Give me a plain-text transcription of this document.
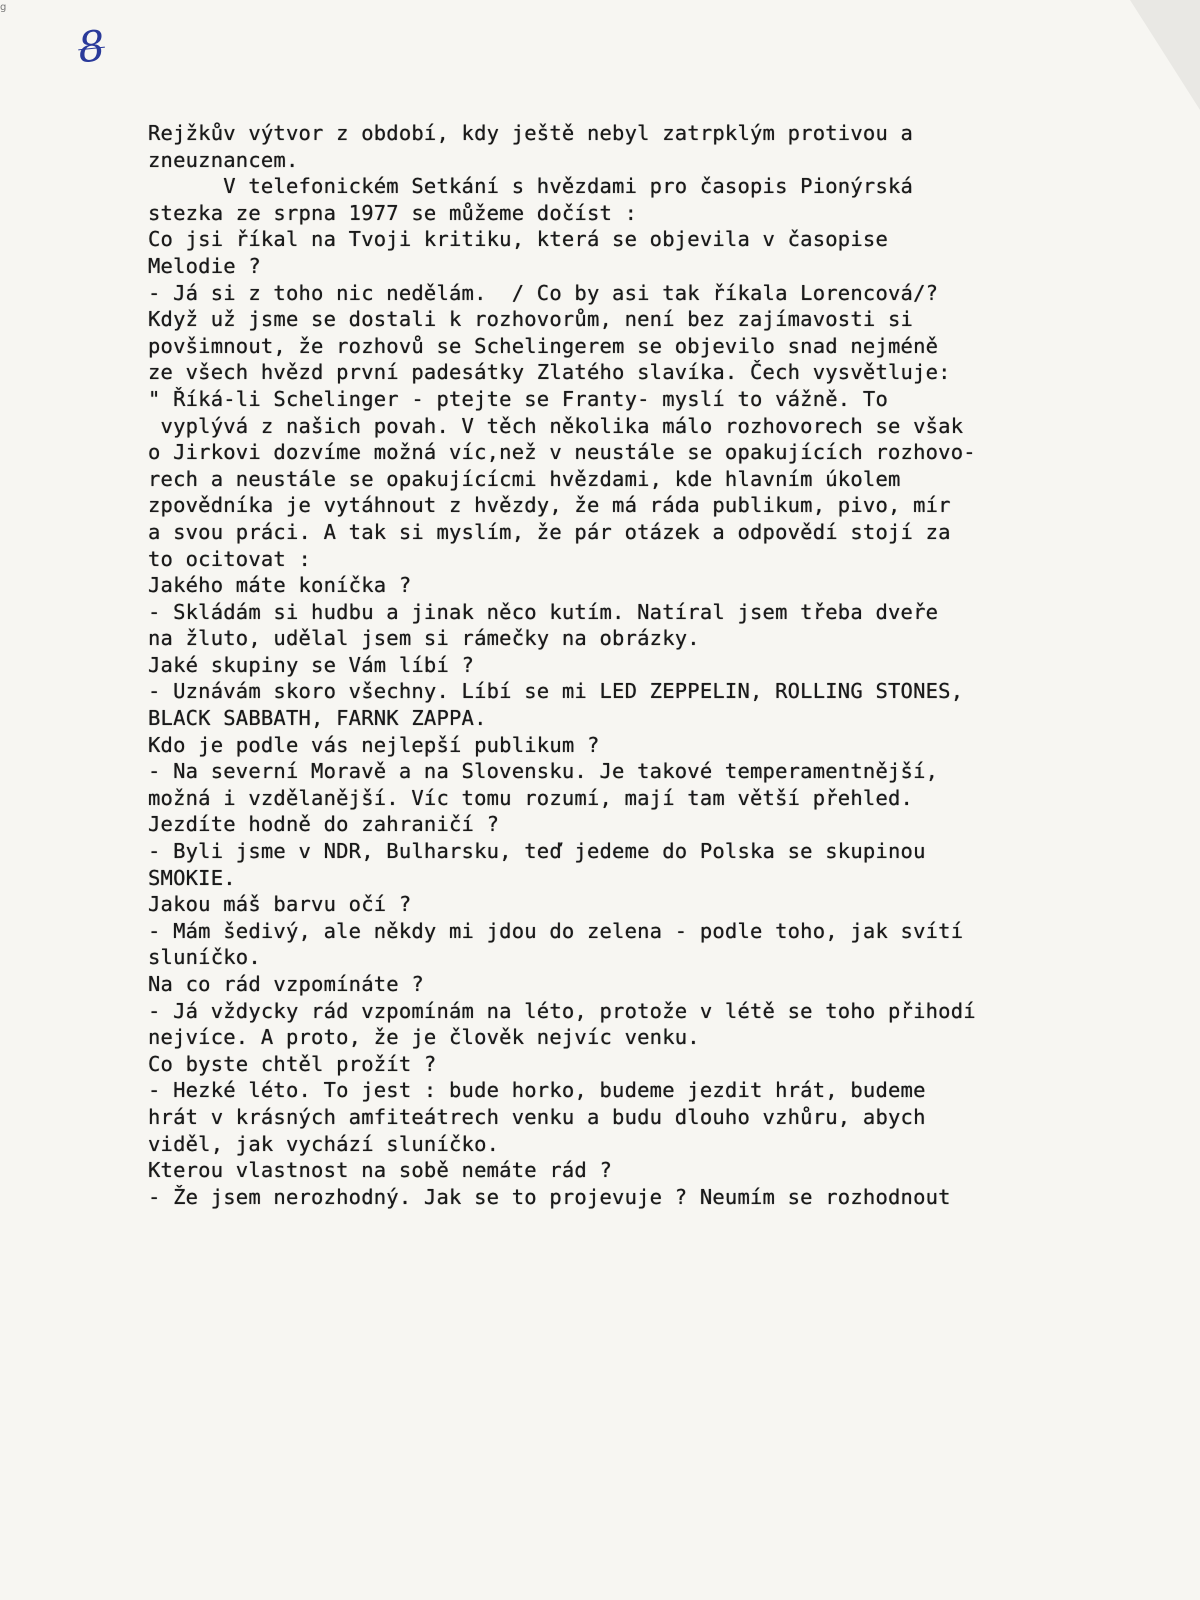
g
8
Rejžkův výtvor z období, kdy ještě nebyl zatrpklým protivou a
zneuznancem.
V telefonickém Setkání s hvězdami pro časopis Pionýrská
stezka ze srpna 1977 se můžeme dočíst :
Co jsi říkal na Tvoji kritiku, která se objevila v časopise
Melodie ?
- Já si z toho nic nedělám.  / Co by asi tak říkala Lorencová/?
Když už jsme se dostali k rozhovorům, není bez zajímavosti si
povšimnout, že rozhovů se Schelingerem se objevilo snad nejméně
ze všech hvězd první padesátky Zlatého slavíka. Čech vysvětluje:
" Říká-li Schelinger - ptejte se Franty- myslí to vážně. To
vyplývá z našich povah. V těch několika málo rozhovorech se však
o Jirkovi dozvíme možná víc,než v neustále se opakujících rozhovo-
rech a neustále se opakujícícmi hvězdami, kde hlavním úkolem
zpovědníka je vytáhnout z hvězdy, že má ráda publikum, pivo, mír
a svou práci. A tak si myslím, že pár otázek a odpovědí stojí za
to ocitovat :
Jakého máte koníčka ?
- Skládám si hudbu a jinak něco kutím. Natíral jsem třeba dveře
na žluto, udělal jsem si rámečky na obrázky.
Jaké skupiny se Vám líbí ?
- Uznávám skoro všechny. Líbí se mi LED ZEPPELIN, ROLLING STONES,
BLACK SABBATH, FARNK ZAPPA.
Kdo je podle vás nejlepší publikum ?
- Na severní Moravě a na Slovensku. Je takové temperamentnější,
možná i vzdělanější. Víc tomu rozumí, mají tam větší přehled.
Jezdíte hodně do zahraničí ?
- Byli jsme v NDR, Bulharsku, teď jedeme do Polska se skupinou
SMOKIE.
Jakou máš barvu očí ?
- Mám šedivý, ale někdy mi jdou do zelena - podle toho, jak svítí
sluníčko.
Na co rád vzpomínáte ?
- Já vždycky rád vzpomínám na léto, protože v létě se toho přihodí
nejvíce. A proto, že je člověk nejvíc venku.
Co byste chtěl prožít ?
- Hezké léto. To jest : bude horko, budeme jezdit hrát, budeme
hrát v krásných amfiteátrech venku a budu dlouho vzhůru, abych
viděl, jak vychází sluníčko.
Kterou vlastnost na sobě nemáte rád ?
- Že jsem nerozhodný. Jak se to projevuje ? Neumím se rozhodnout
